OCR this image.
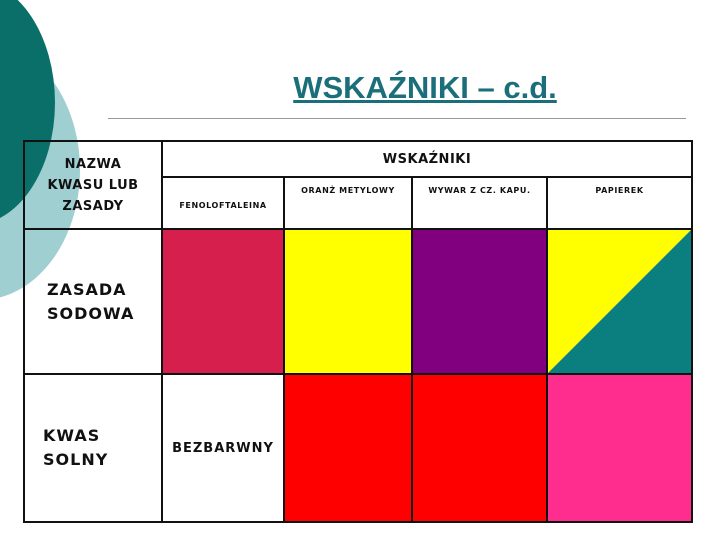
WSKAŹNIKI – c.d.
NAZWA
KWASU LUB
ZASADY	WSKAŹNIKI			
	FENOLOFTALEINA	ORANŻ METYLOWY	WYWAR Z CZ. KAPU.	PAPIEREK

ZASADA
SODOWA

KWAS
SOLNY	BEZBARWNY			
